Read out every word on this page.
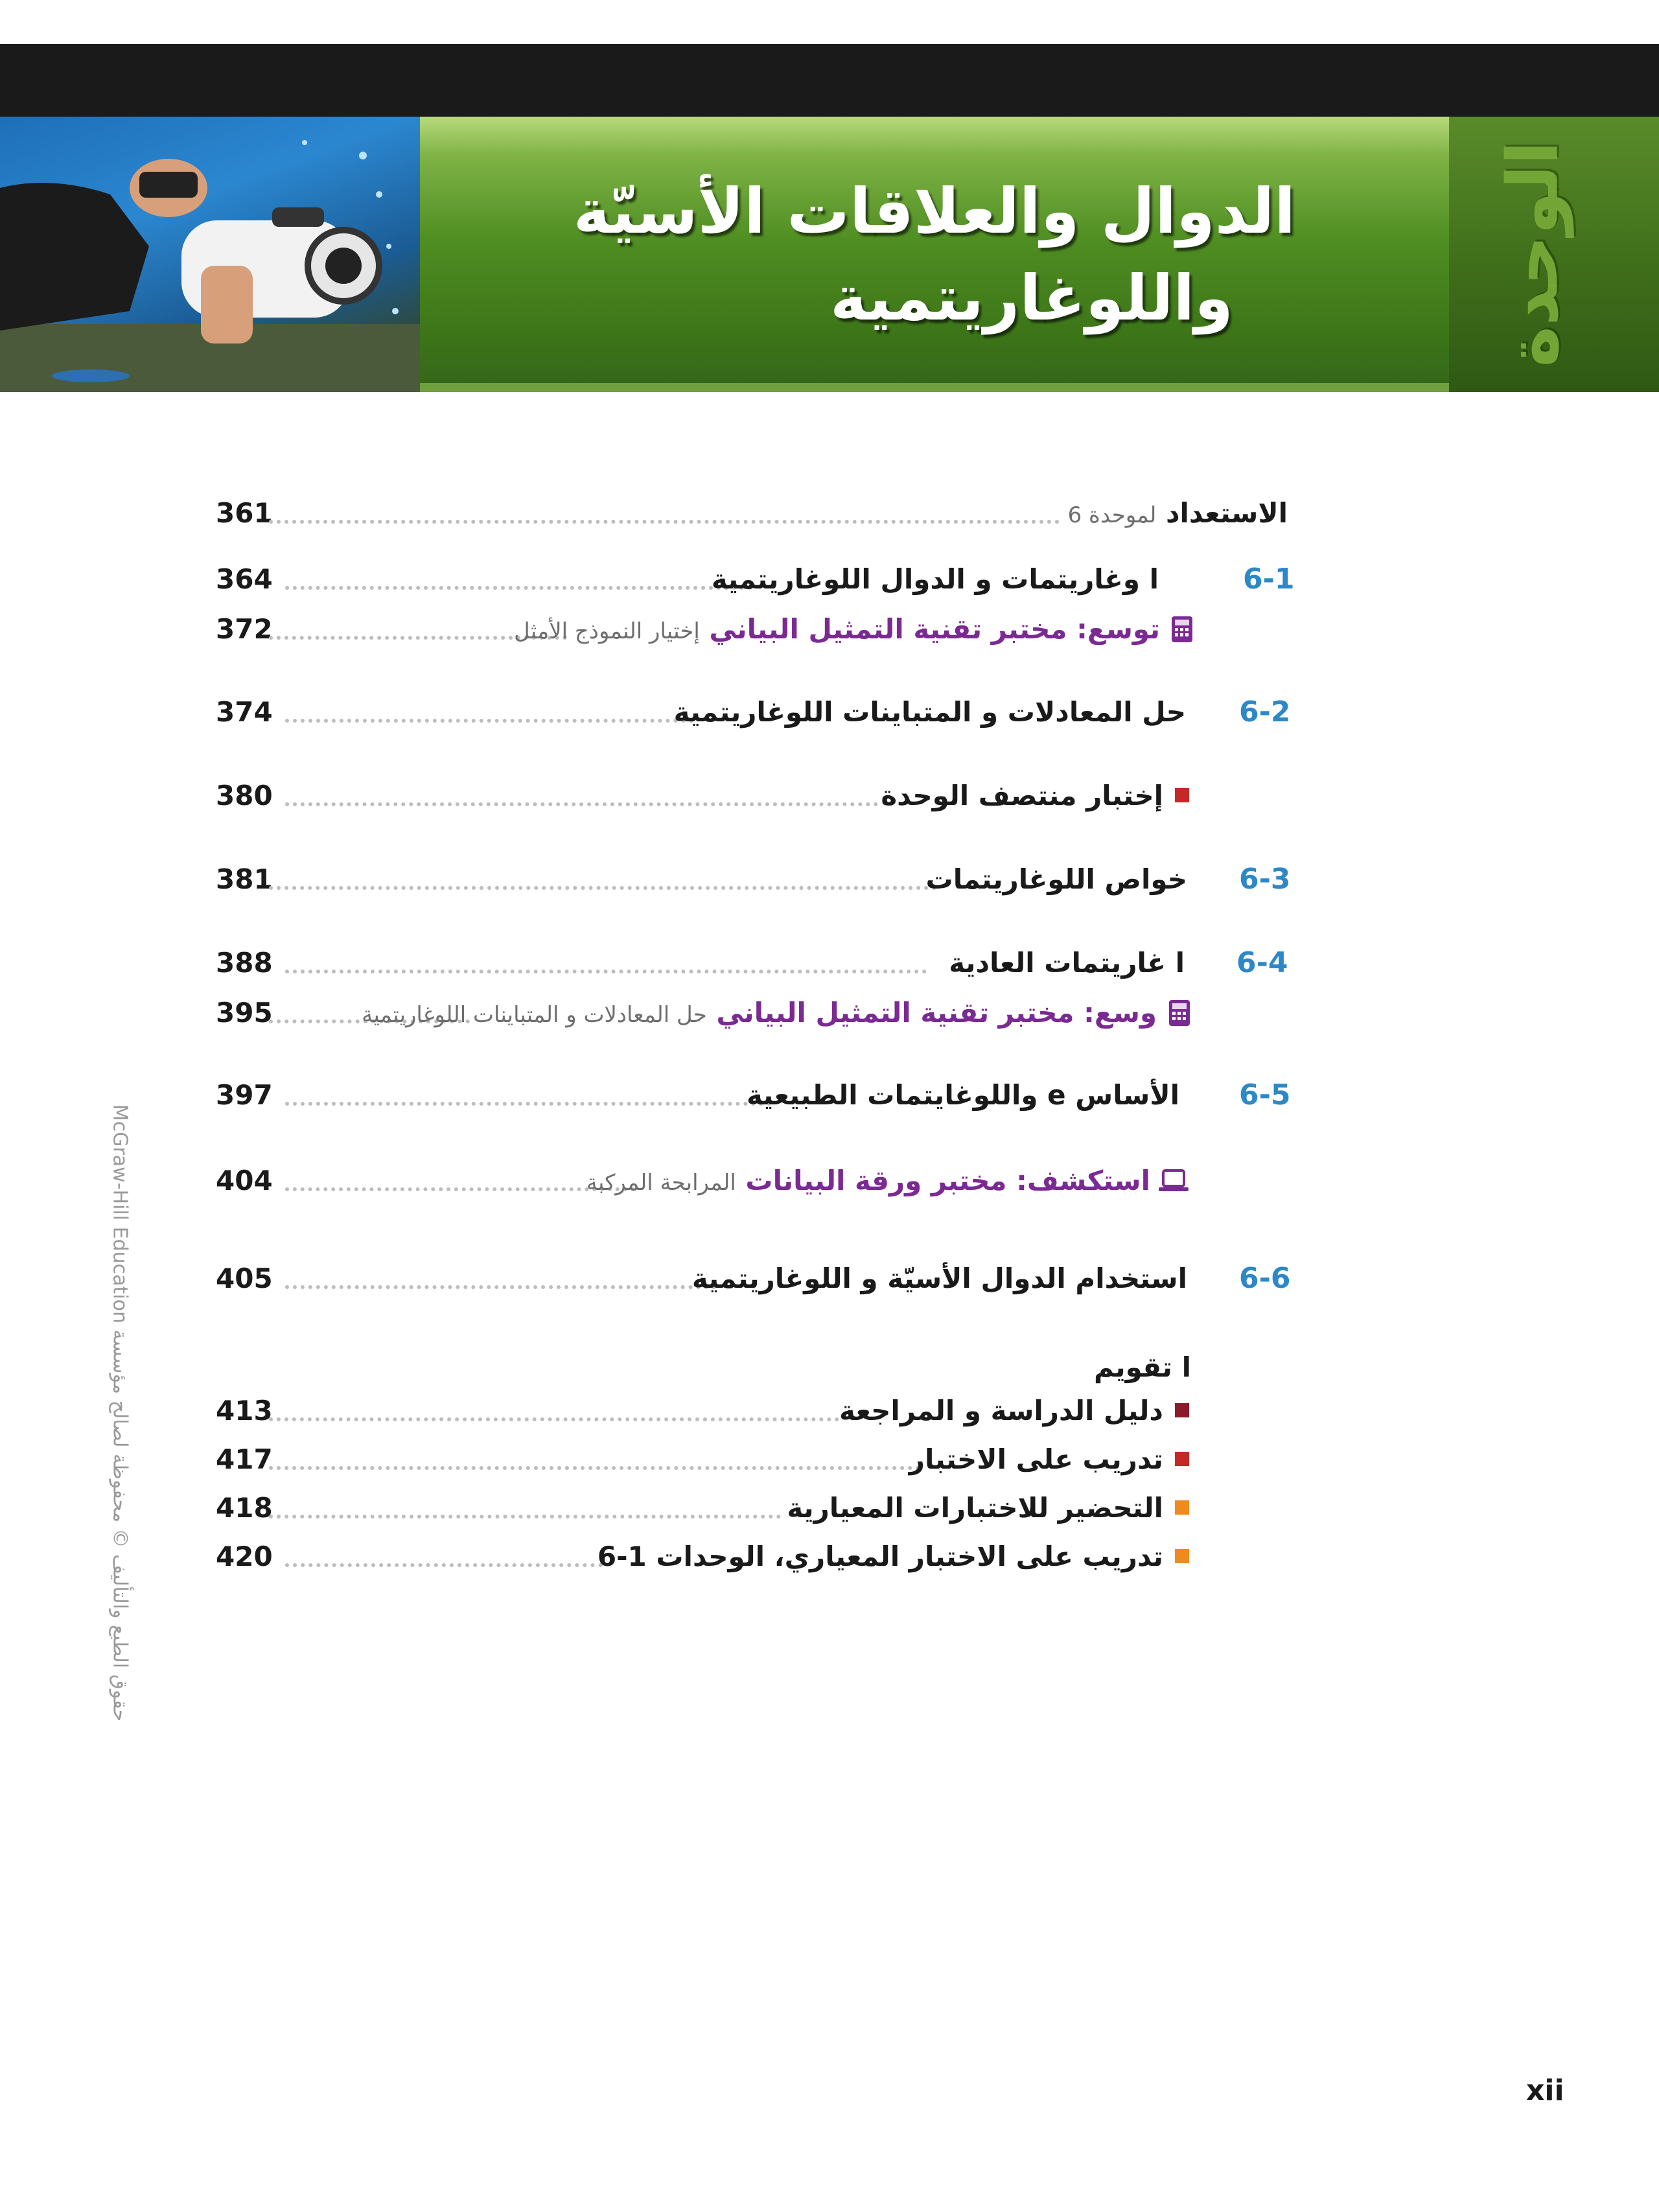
الدوال والعلاقات الأسيّة
واللوغاريتمية	الوحدة
361	الاستعداد لموحدة 6
364	ا وغاريتمات و الدوال اللوغاريتمية	6-1
372	توسع: مختبر تقنية التمثيل البياني إختيار النموذج الأمثل
374	حل المعادلات و المتباينات اللوغاريتمية 6-2
380	إختبار منتصف الوحدة
381	خواص اللوغاريتمات 6-3
388	ا غاريتمات العادية 6-4
395	وسع: مختبر تقنية التمثيل البياني حل المعادلات و المتباينات اللوغاريتمية
397	الأساس e واللوغايتمات الطبيعية 6-5
404	استكشف: مختبر ورقة البيانات المرابحة المركبة
405	استخدام الدوال الأسيّة و اللوغاريتمية 6-6
ا تقويم
413	دليل الدراسة و المراجعة
417	تدريب على الاختبار
418	التحضير للاختبارات المعيارية
420	تدريب على الاختبار المعياري، الوحدات 1-6
McGraw-Hill Education حقوق الطبع والتأليف © محفوظة لصالح مؤسسة
xii
